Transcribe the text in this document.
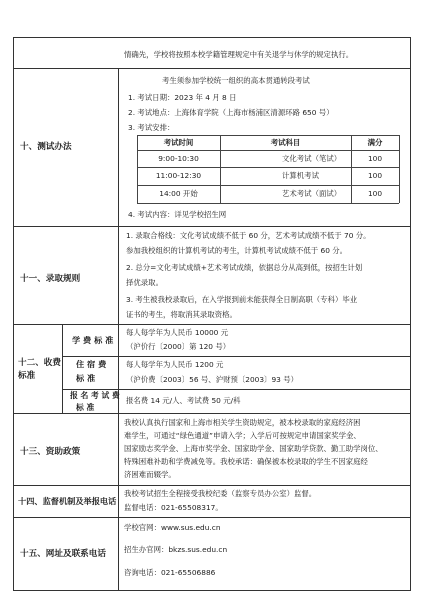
情确先，学校将按照本校学籍管理规定中有关退学与休学的规定执行。
十、测试办法
考生须参加学校统一组织的高本贯通转段考试
1. 考试日期：2023 年 4 月 8 日
2. 考试地点：上海体育学院（上海市杨浦区清源环路 650 号）
3. 考试安排：
考试时间	考试科目	满分
9:00-10:30	文化考试（笔试）	100
11:00-12:30	计算机考试	100
14:00 开始	艺术考试（面试）	100
4. 考试内容：详见学校招生网
十一、录取规则
1. 录取合格线：文化考试成绩不低于 60 分，艺术考试成绩不低于 70 分。
参加我校组织的计算机考试的考生，计算机考试成绩不低于 60 分。
2. 总分=文化考试成绩+艺术考试成绩，依据总分从高到低，按招生计划
择优录取。
3. 考生被我校录取后，在入学报到前未能获得全日制高职（专科）毕业
证书的考生，将取消其录取资格。
十二、收费
标准
学 费 标 准
每人每学年为人民币 10000 元
（沪价行〔2000〕第 120 号）
住 宿 费
标 准
每人每学年为人民币 1200 元
（沪价费〔2003〕56 号、沪财预〔2003〕93 号）
报 名 考 试 费
标 准
报名费 14 元/人、考试费 50 元/科
十三、资助政策
我校认真执行国家和上海市相关学生资助规定，被本校录取的家庭经济困
难学生，可通过“绿色通道”申请入学；入学后可按规定申请国家奖学金、
国家励志奖学金、上海市奖学金、国家助学金、国家助学贷款、勤工助学岗位、
特殊困难补助和学费减免等。我校承诺：确保被本校录取的学生不因家庭经
济困难而辍学。
十四、监督机制及举报电话
我校考试招生全程接受我校纪委（监察专员办公室）监督。
监督电话：021-65508317。
十五、网址及联系电话
学校官网：www.sus.edu.cn
招生办官网：bkzs.sus.edu.cn
咨询电话：021-65506886
